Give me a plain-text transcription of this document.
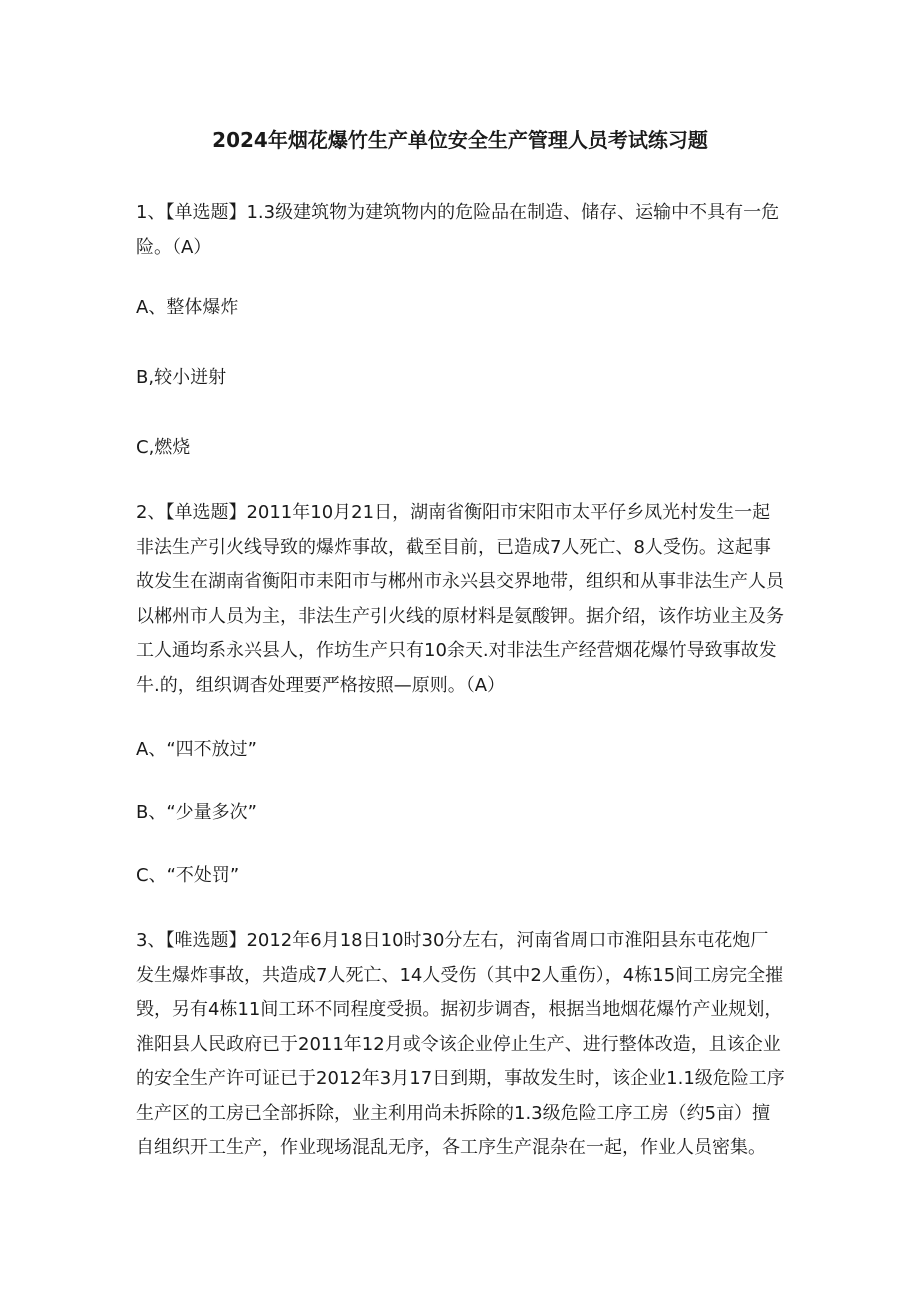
2024年烟花爆竹生产单位安全生产管理人员考试练习题
1、【单选题】1.3级建筑物为建筑物内的危险品在制造、储存、运输中不具有一危险。（A）
A、整体爆炸
B,较小迸射
C,燃烧
2、【单选题】2011年10月21日，湖南省衡阳市宋阳市太平仔乡凤光村发生一起非法生产引火线导致的爆炸事故，截至目前，已造成7人死亡、8人受伤。这起事故发生在湖南省衡阳市耒阳市与郴州市永兴县交界地带，组织和从事非法生产人员以郴州市人员为主，非法生产引火线的原材料是氨酸钾。据介绍，该作坊业主及务工人通均系永兴县人，作坊生产只有10余天.对非法生产经营烟花爆竹导致事故发牛.的，组织调杳处理要严格按照—原则。（A）
A、“四不放过”
B、“少量多次”
C、“不处罚”
3、【唯选题】2012年6月18日10时30分左右，河南省周口市淮阳县东屯花炮厂发生爆炸事故，共造成7人死亡、14人受伤（其中2人重伤），4栋15间工房完全摧毁，另有4栋11间工环不同程度受损。据初步调杳，根据当地烟花爆竹产业规划，淮阳县人民政府已于2011年12月或令该企业停止生产、进行整体改造，且该企业的安全生产许可证已于2012年3月17日到期，事故发生时，该企业1.1级危险工序生产区的工房已全部拆除，业主利用尚未拆除的1.3级危险工序工房（约5亩）擅自组织开工生产，作业现场混乱无序，各工序生产混杂在一起，作业人员密集。
